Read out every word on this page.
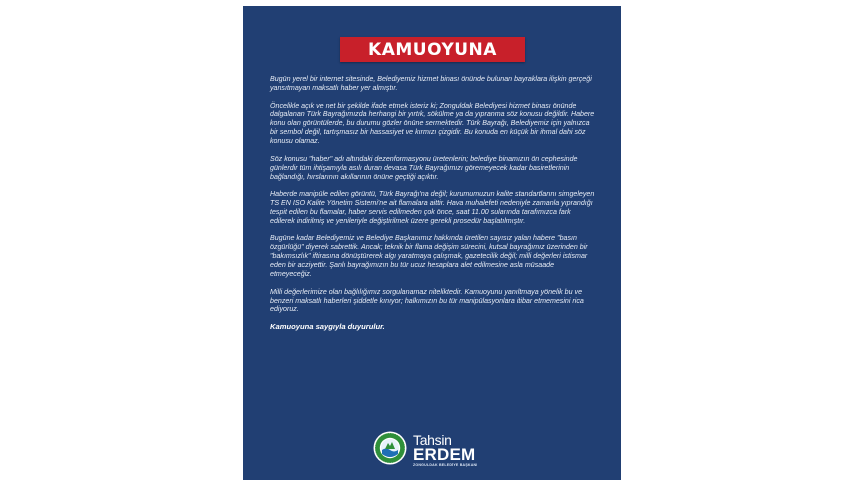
KAMUOYUNA

Bugün yerel bir internet sitesinde, Belediyemiz hizmet binası önünde bulunan bayraklara ilişkin gerçeği yansıtmayan maksatlı haber yer almıştır.

Öncelikle açık ve net bir şekilde ifade etmek isteriz ki; Zonguldak Belediyesi hizmet binası önünde dalgalanan Türk Bayrağımızda herhangi bir yırtık, sökülme ya da yıpranma söz konusu değildir. Habere konu olan görüntülerde, bu durumu gözler önüne sermektedir. Türk Bayrağı, Belediyemiz için yalnızca bir sembol değil, tartışmasız bir hassasiyet ve kırmızı çizgidir. Bu konuda en küçük bir ihmal dahi söz konusu olamaz.

Söz konusu "haber" adı altındaki dezenformasyonu üretenlerin; belediye binamızın ön cephesinde günlerdir tüm ihtişamıyla asılı duran devasa Türk Bayrağımızı göremeyecek kadar basiretlerinin bağlandığı, hırslarının akıllarının önüne geçtiği açıktır.

Haberde manipüle edilen görüntü, Türk Bayrağı'na değil; kurumumuzun kalite standartlarını simgeleyen TS EN ISO Kalite Yönetim Sistemi'ne ait flamalara aittir. Hava muhalefeti nedeniyle zamanla yıprandığı tespit edilen bu flamalar, haber servis edilmeden çok önce, saat 11.00 sularında tarafımızca fark edilerek indirilmiş ve yenileriyle değiştirilmek üzere gerekli prosedür başlatılmıştır.

Bugüne kadar Belediyemiz ve Belediye Başkanımız hakkında üretilen sayısız yalan habere "basın özgürlüğü" diyerek sabrettik. Ancak; teknik bir flama değişim sürecini, kutsal bayrağımız üzerinden bir "bakımsızlık" iftirasına dönüştürerek algı yaratmaya çalışmak, gazetecilik değil; milli değerleri istismar eden bir acziyettir. Şanlı bayrağımızın bu tür ucuz hesaplara alet edilmesine asla müsaade etmeyeceğiz.

Milli değerlerimize olan bağlılığımız sorgulanamaz niteliktedir. Kamuoyunu yanıltmaya yönelik bu ve benzeri maksatlı haberleri şiddetle kınıyor; halkımızın bu tür manipülasyonlara itibar etmemesini rica ediyoruz.

Kamuoyuna saygıyla duyurulur.

Tahsin
ERDEM
ZONGULDAK BELEDİYE BAŞKANI
